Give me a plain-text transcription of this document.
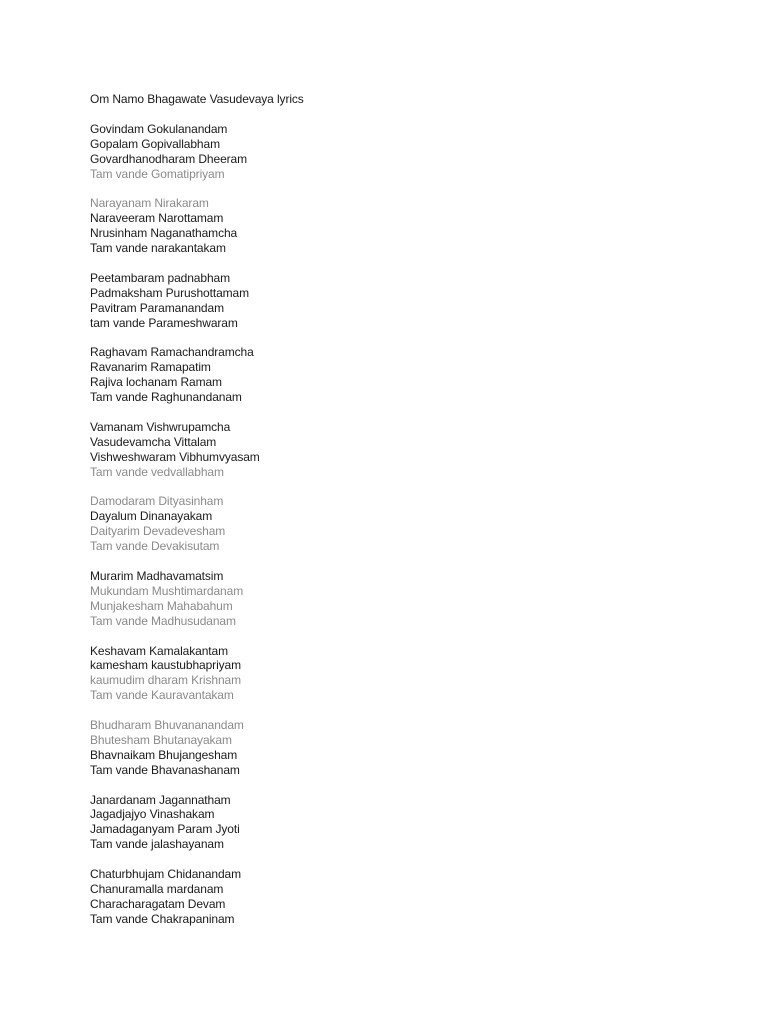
Om Namo Bhagawate Vasudevaya lyrics
Govindam Gokulanandam
Gopalam Gopivallabham
Govardhanodharam Dheeram
Tam vande Gomatipriyam
Narayanam Nirakaram
Naraveeram Narottamam
Nrusinham Naganathamcha
Tam vande narakantakam
Peetambaram padnabham
Padmaksham Purushottamam
Pavitram Paramanandam
tam vande Parameshwaram
Raghavam Ramachandramcha
Ravanarim Ramapatim
Rajiva lochanam Ramam
Tam vande Raghunandanam
Vamanam Vishwrupamcha
Vasudevamcha Vittalam
Vishweshwaram Vibhumvyasam
Tam vande vedvallabham
Damodaram Dityasinham
Dayalum Dinanayakam
Daityarim Devadevesham
Tam vande Devakisutam
Murarim Madhavamatsim
Mukundam Mushtimardanam
Munjakesham Mahabahum
Tam vande Madhusudanam
Keshavam Kamalakantam
kamesham kaustubhapriyam
kaumudim dharam Krishnam
Tam vande Kauravantakam
Bhudharam Bhuvananandam
Bhutesham Bhutanayakam
Bhavnaikam Bhujangesham
Tam vande Bhavanashanam
Janardanam Jagannatham
Jagadjajyo Vinashakam
Jamadaganyam Param Jyoti
Tam vande jalashayanam
Chaturbhujam Chidanandam
Chanuramalla mardanam
Characharagatam Devam
Tam vande Chakrapaninam
